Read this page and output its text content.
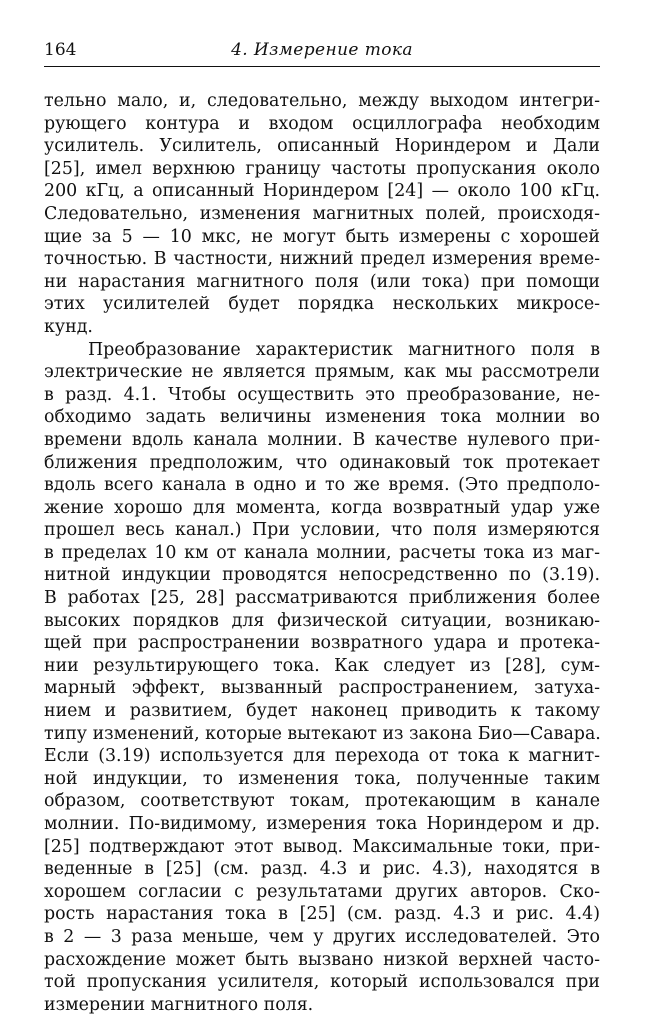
164	4. Измерение тока
тельно мало, и, следовательно, между выходом интегри-
рующего контура и входом осциллографа необходим
усилитель. Усилитель, описанный Нориндером и Дали
[25], имел верхнюю границу частоты пропускания около
200 кГц, а описанный Нориндером [24] — около 100 кГц.
Следовательно, изменения магнитных полей, происходя-
щие за 5 — 10 мкс, не могут быть измерены с хорошей
точностью. В частности, нижний предел измерения време-
ни нарастания магнитного поля (или тока) при помощи
этих усилителей будет порядка нескольких микросе-
кунд.
Преобразование характеристик магнитного поля в
электрические не является прямым, как мы рассмотрели
в разд. 4.1. Чтобы осуществить это преобразование, не-
обходимо задать величины изменения тока молнии во
времени вдоль канала молнии. В качестве нулевого при-
ближения предположим, что одинаковый ток протекает
вдоль всего канала в одно и то же время. (Это предполо-
жение хорошо для момента, когда возвратный удар уже
прошел весь канал.) При условии, что поля измеряются
в пределах 10 км от канала молнии, расчеты тока из маг-
нитной индукции проводятся непосредственно по (3.19).
В работах [25, 28] рассматриваются приближения более
высоких порядков для физической ситуации, возникаю-
щей при распространении возвратного удара и протека-
нии результирующего тока. Как следует из [28], сум-
марный эффект, вызванный распространением, затуха-
нием и развитием, будет наконец приводить к такому
типу изменений, которые вытекают из закона Био—Савара.
Если (3.19) используется для перехода от тока к магнит-
ной индукции, то изменения тока, полученные таким
образом, соответствуют токам, протекающим в канале
молнии. По-видимому, измерения тока Нориндером и др.
[25] подтверждают этот вывод. Максимальные токи, при-
веденные в [25] (см. разд. 4.3 и рис. 4.3), находятся в
хорошем согласии с результатами других авторов. Ско-
рость нарастания тока в [25] (см. разд. 4.3 и рис. 4.4)
в 2 — 3 раза меньше, чем у других исследователей. Это
расхождение может быть вызвано низкой верхней часто-
той пропускания усилителя, который использовался при
измерении магнитного поля.
